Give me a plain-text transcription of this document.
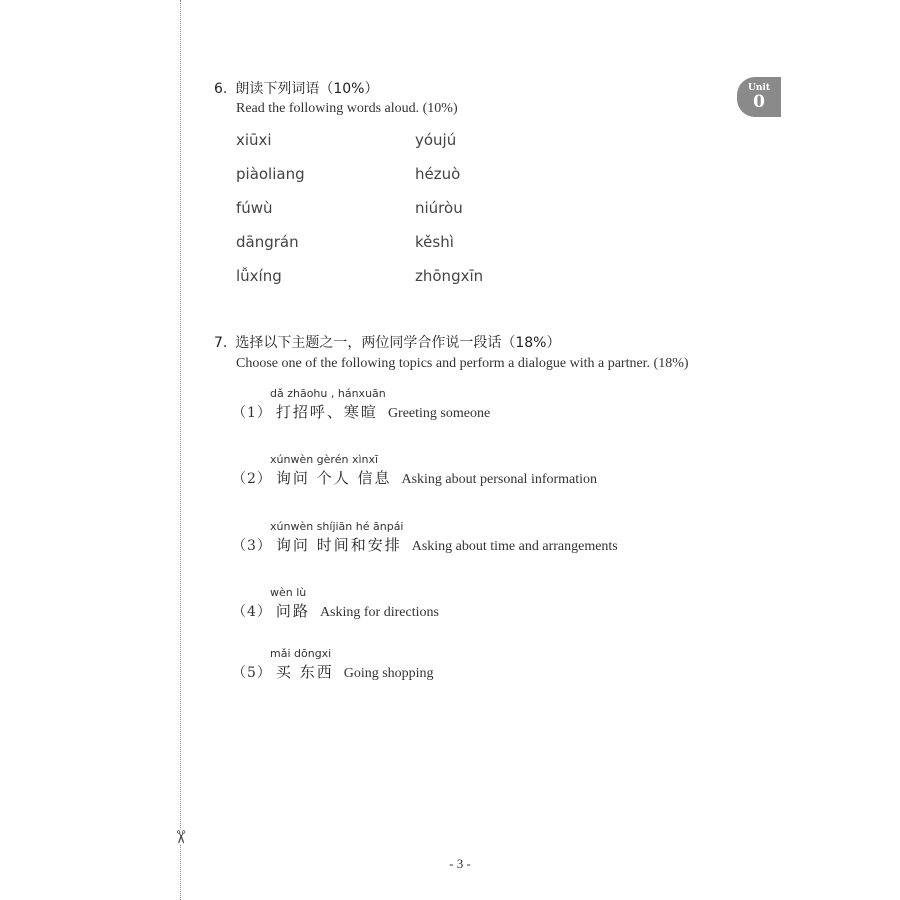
✂
Unit
0
6. 朗读下列词语（10%）
Read the following words aloud. (10%)
xiūxi
piàoliang
fúwù
dāngrán
lǚxíng
yóujú
hézuò
niúròu
kěshì
zhōngxīn
7. 选择以下主题之一，两位同学合作说一段话（18%）
Choose one of the following topics and perform a dialogue with a partner. (18%)
dǎ zhāohu , hánxuān
（1） 打招呼、寒暄 Greeting someone
xúnwèn gèrén xìnxī
（2） 询问 个人 信息 Asking about personal information
xúnwèn shíjiān hé ānpái
（3） 询问 时间和安排 Asking about time and arrangements
wèn lù
（4） 问路 Asking for directions
mǎi dōngxi
（5） 买 东西 Going shopping
- 3 -
